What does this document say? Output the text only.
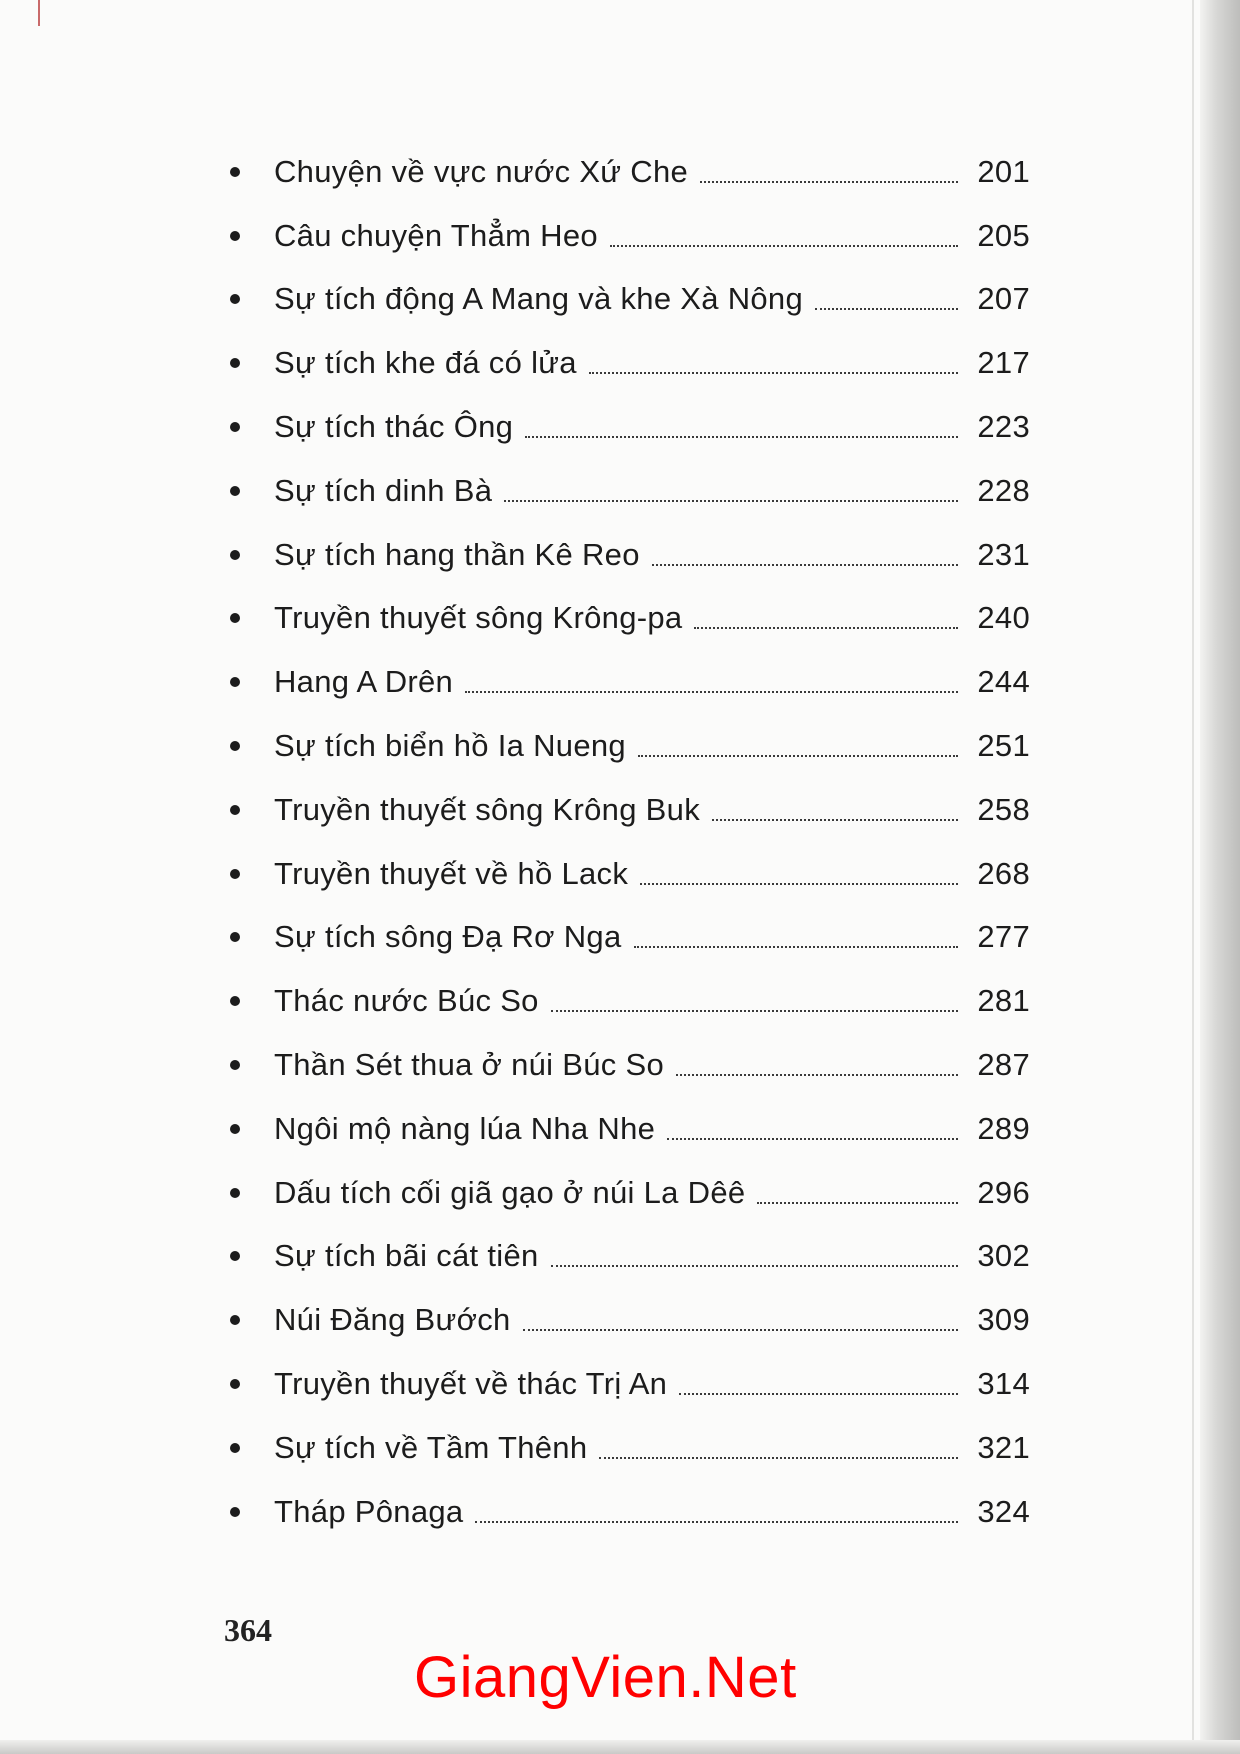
Chuyện về vực nước Xứ Che	201
Câu chuyện Thẳm Heo	205
Sự tích động A Mang và khe Xà Nông	207
Sự tích khe đá có lửa	217
Sự tích thác Ông	223
Sự tích dinh Bà	228
Sự tích hang thần Kê Reo	231
Truyền thuyết sông Krông-pa	240
Hang A Drên	244
Sự tích biển hồ Ia Nueng	251
Truyền thuyết sông Krông Buk	258
Truyền thuyết về hồ Lack	268
Sự tích sông Đạ Rơ Nga	277
Thác nước Búc So	281
Thần Sét thua ở núi Búc So	287
Ngôi mộ nàng lúa Nha Nhe	289
Dấu tích cối giã gạo ở núi La Dêê	296
Sự tích bãi cát tiên	302
Núi Đăng Bướch	309
Truyền thuyết về thác Trị An	314
Sự tích về Tầm Thênh	321
Tháp Pônaga	324
364
GiangVien.Net
